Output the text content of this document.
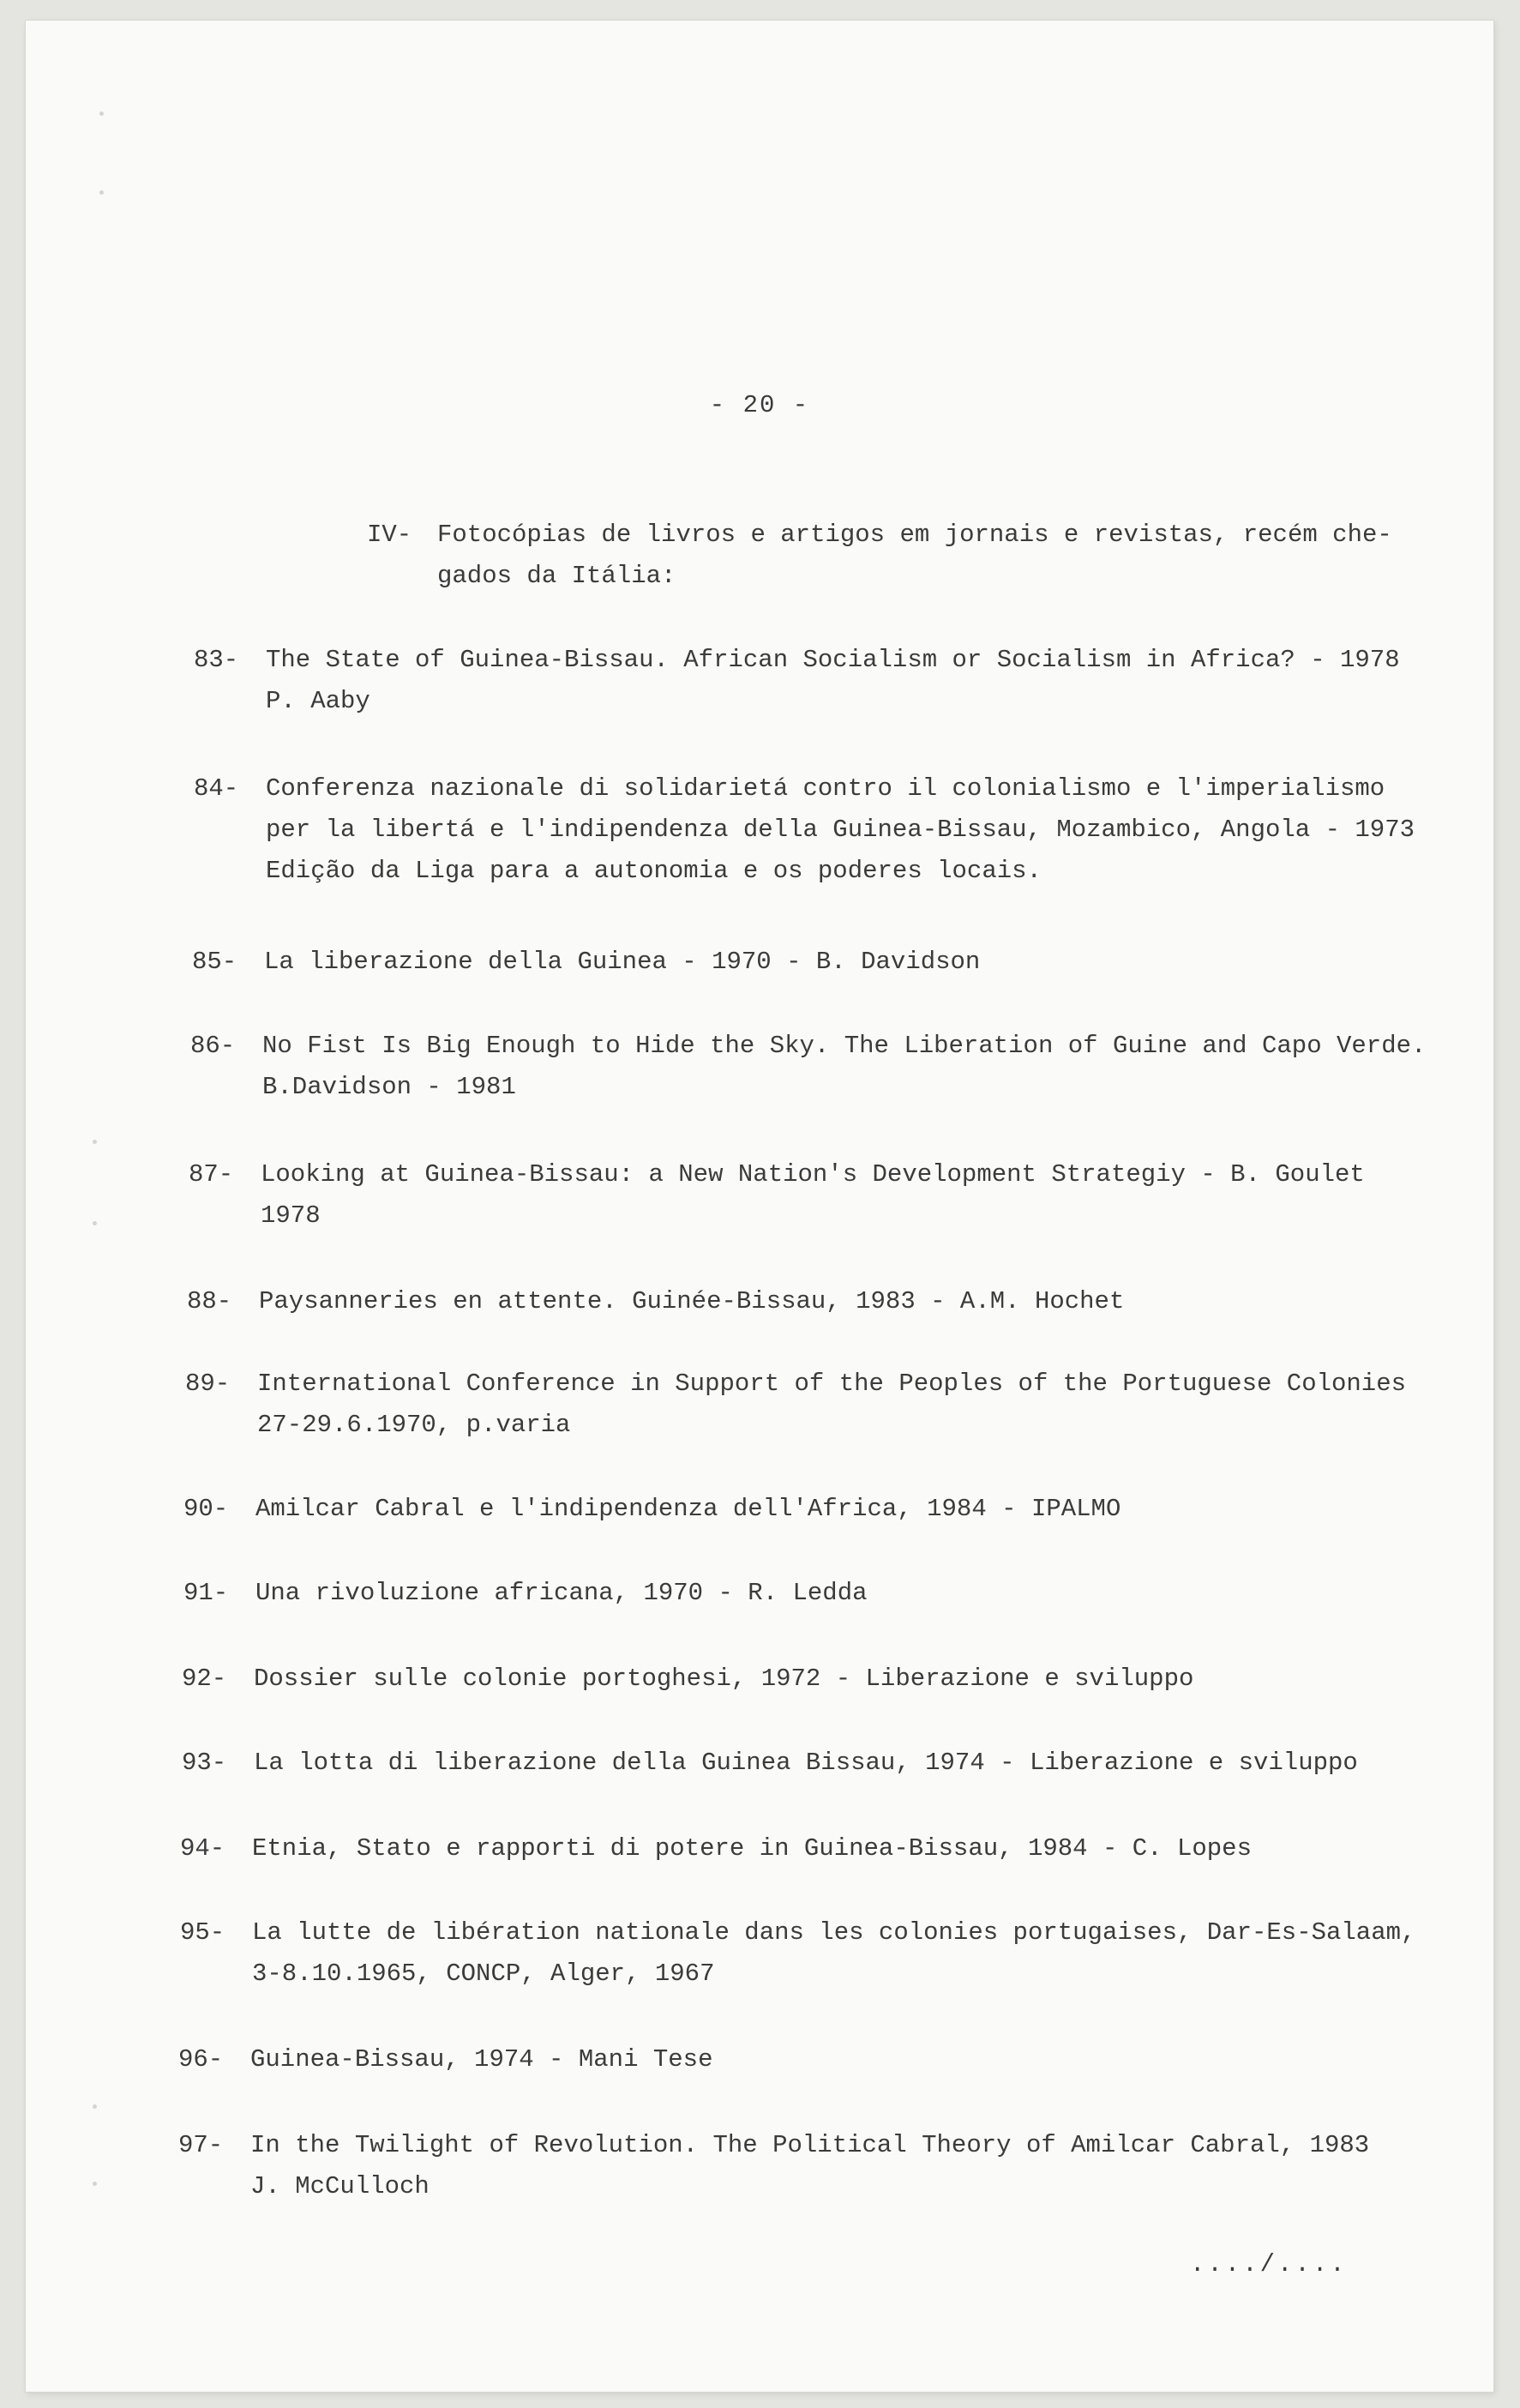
- 20 -
IV- Fotocópias de livros e artigos em jornais e revistas, recém che-
gados da Itália:
83- The State of Guinea-Bissau. African Socialism or Socialism in Africa? - 1978
P. Aaby
84- Conferenza nazionale di solidarietá contro il colonialismo e l'imperialismo
per la libertá e l'indipendenza della Guinea-Bissau, Mozambico, Angola - 1973
Edição da Liga para a autonomia e os poderes locais.
85- La liberazione della Guinea - 1970 - B. Davidson
86- No Fist Is Big Enough to Hide the Sky. The Liberation of Guine and Capo Verde.
B.Davidson - 1981
87- Looking at Guinea-Bissau: a New Nation's Development Strategiy - B. Goulet
1978
88- Paysanneries en attente. Guinée-Bissau, 1983 - A.M. Hochet
89- International Conference in Support of the Peoples of the Portuguese Colonies
27-29.6.1970, p.varia
90- Amilcar Cabral e l'indipendenza dell'Africa, 1984 - IPALMO
91- Una rivoluzione africana, 1970 - R. Ledda
92- Dossier sulle colonie portoghesi, 1972 - Liberazione e sviluppo
93- La lotta di liberazione della Guinea Bissau, 1974 - Liberazione e sviluppo
94- Etnia, Stato e rapporti di potere in Guinea-Bissau, 1984 - C. Lopes
95- La lutte de libération nationale dans les colonies portugaises, Dar-Es-Salaam,
3-8.10.1965, CONCP, Alger, 1967
96- Guinea-Bissau, 1974 - Mani Tese
97- In the Twilight of Revolution. The Political Theory of Amilcar Cabral, 1983
J. McCulloch
..../....
